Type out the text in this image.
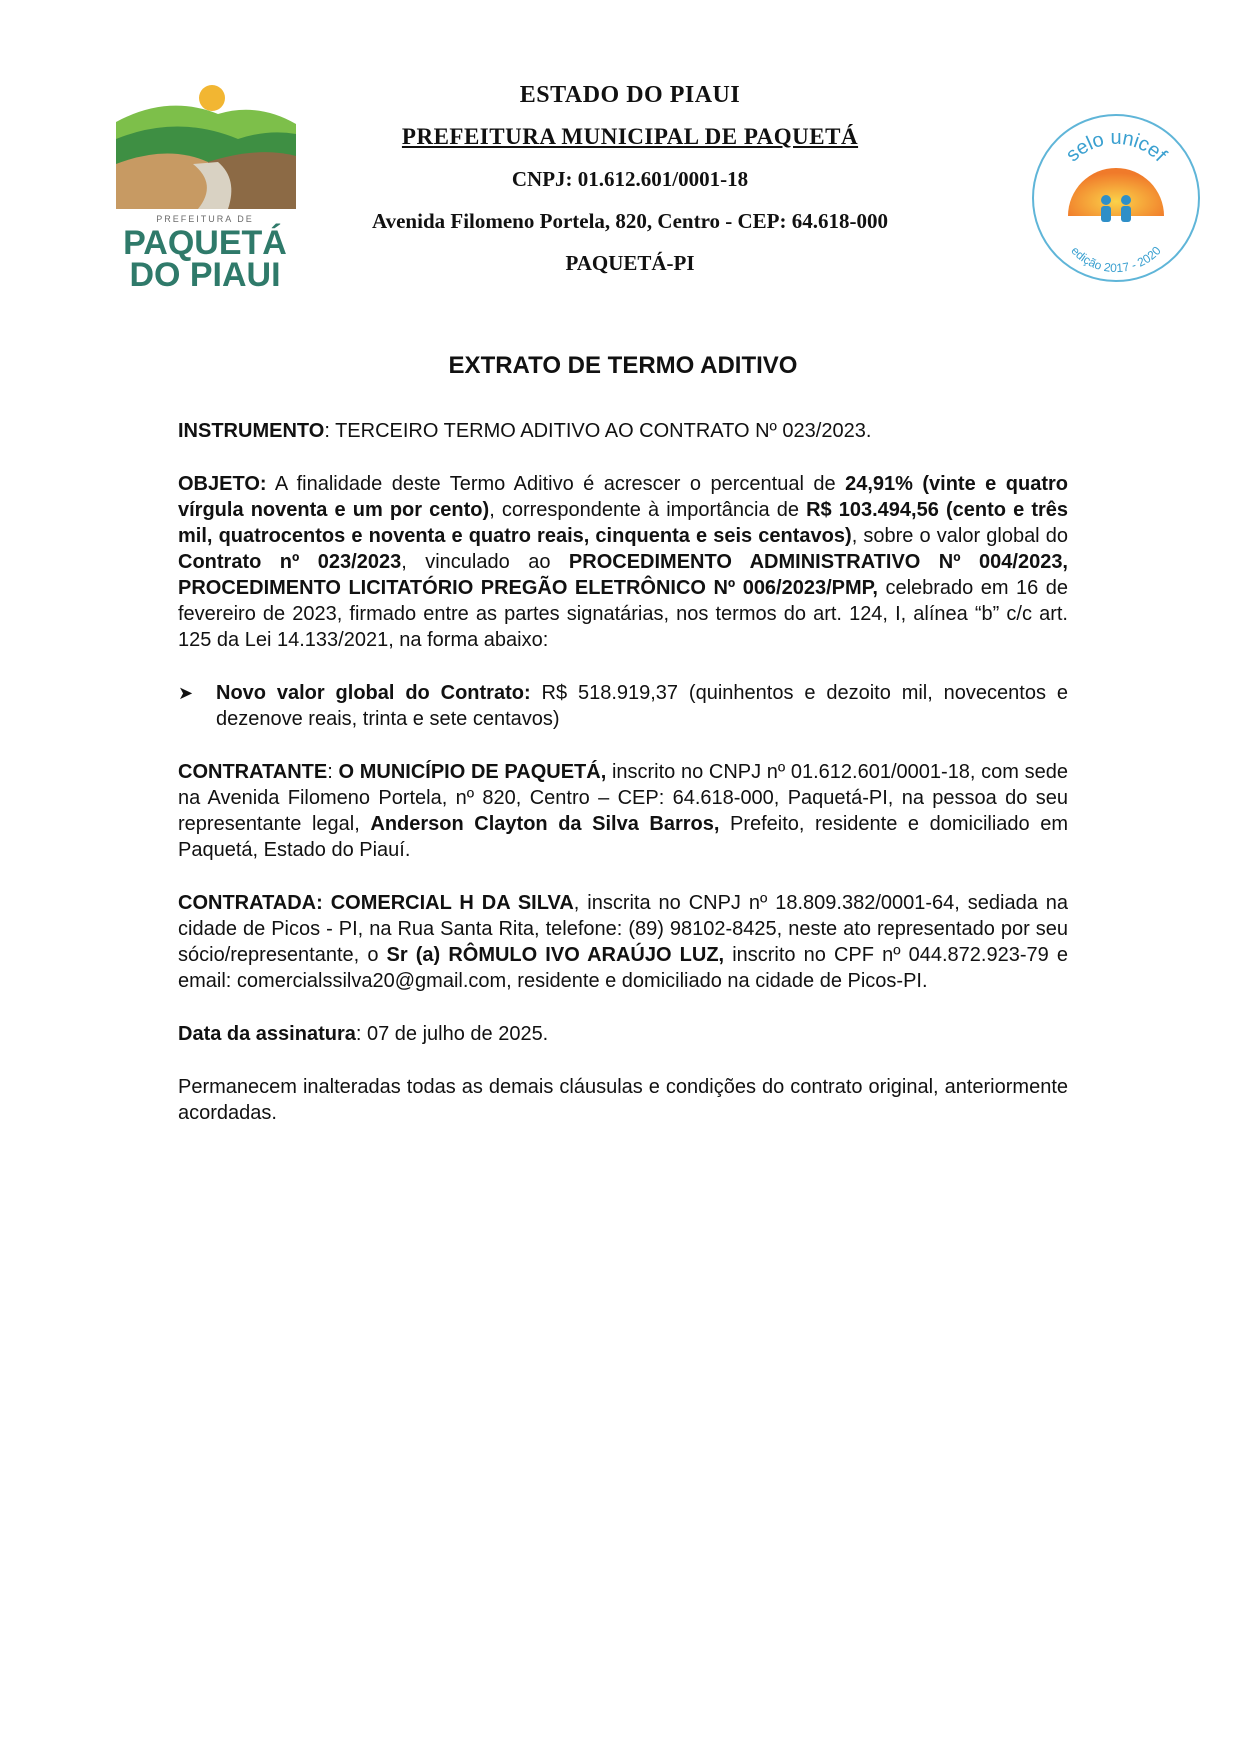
PREFEITURA DE
PAQUETÁ
DO PIAUI
selo unicef
edição 2017 - 2020
ESTADO DO PIAUI
PREFEITURA MUNICIPAL DE PAQUETÁ
CNPJ: 01.612.601/0001-18
Avenida Filomeno Portela, 820, Centro - CEP: 64.618-000
PAQUETÁ-PI
EXTRATO DE TERMO ADITIVO

INSTRUMENTO: TERCEIRO TERMO ADITIVO AO CONTRATO Nº 023/2023.

OBJETO: A finalidade deste Termo Aditivo é acrescer o percentual de 24,91% (vinte e quatro vírgula noventa e um por cento), correspondente à importância de R$ 103.494,56 (cento e três mil, quatrocentos e noventa e quatro reais, cinquenta e seis centavos), sobre o valor global do Contrato nº 023/2023, vinculado ao PROCEDIMENTO ADMINISTRATIVO Nº 004/2023, PROCEDIMENTO LICITATÓRIO PREGÃO ELETRÔNICO Nº 006/2023/PMP, celebrado em 16 de fevereiro de 2023, firmado entre as partes signatárias, nos termos do art. 124, I, alínea “b” c/c art. 125 da Lei 14.133/2021, na forma abaixo:

➤	Novo valor global do Contrato: R$ 518.919,37 (quinhentos e dezoito mil, novecentos e dezenove reais, trinta e sete centavos)

CONTRATANTE: O MUNICÍPIO DE PAQUETÁ, inscrito no CNPJ nº 01.612.601/0001-18, com sede na Avenida Filomeno Portela, nº 820, Centro – CEP: 64.618-000, Paquetá-PI, na pessoa do seu representante legal, Anderson Clayton da Silva Barros, Prefeito, residente e domiciliado em Paquetá, Estado do Piauí.

CONTRATADA: COMERCIAL H DA SILVA, inscrita no CNPJ nº 18.809.382/0001-64, sediada na cidade de Picos - PI, na Rua Santa Rita, telefone: (89) 98102-8425, neste ato representado por seu sócio/representante, o Sr (a) RÔMULO IVO ARAÚJO LUZ, inscrito no CPF nº 044.872.923-79 e email: comercialssilva20@gmail.com, residente e domiciliado na cidade de Picos-PI.

Data da assinatura: 07 de julho de 2025.

Permanecem inalteradas todas as demais cláusulas e condições do contrato original, anteriormente acordadas.
